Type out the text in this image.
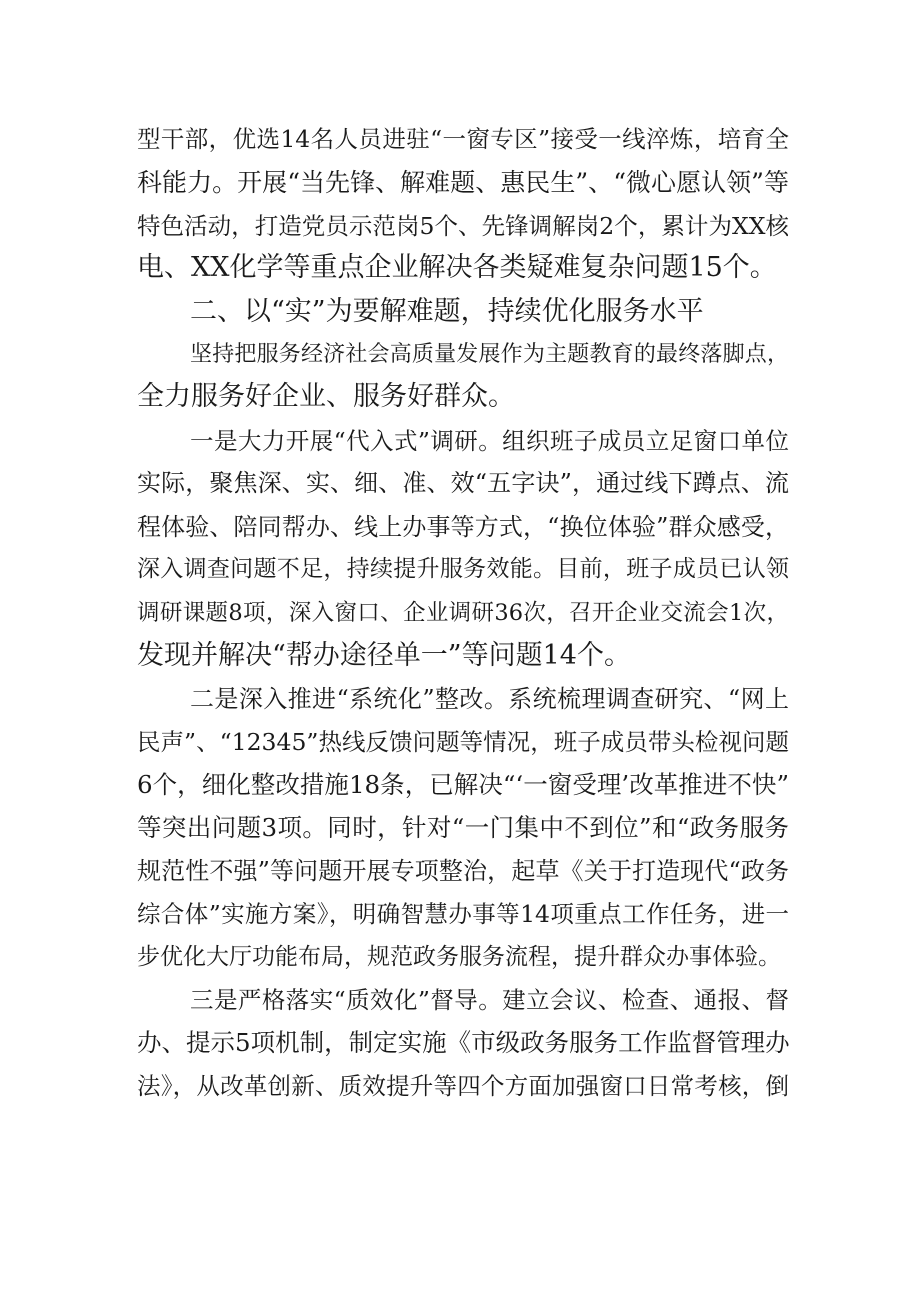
型干部，优选14名人员进驻“一窗专区”接受一线淬炼，培育全
科能力。开展“当先锋、解难题、惠民生”、“微心愿认领”等
特色活动，打造党员示范岗5个、先锋调解岗2个，累计为XX核
电、XX化学等重点企业解决各类疑难复杂问题15个。
二、以“实”为要解难题，持续优化服务水平
坚持把服务经济社会高质量发展作为主题教育的最终落脚点，
全力服务好企业、服务好群众。
一是大力开展“代入式”调研。组织班子成员立足窗口单位
实际，聚焦深、实、细、准、效“五字诀”，通过线下蹲点、流
程体验、陪同帮办、线上办事等方式，“换位体验”群众感受，
深入调查问题不足，持续提升服务效能。目前，班子成员已认领
调研课题8项，深入窗口、企业调研36次，召开企业交流会1次，
发现并解决“帮办途径单一”等问题14个。
二是深入推进“系统化”整改。系统梳理调查研究、“网上
民声”、“12345”热线反馈问题等情况，班子成员带头检视问题
6个，细化整改措施18条，已解决“‘一窗受理’改革推进不快”
等突出问题3项。同时，针对“一门集中不到位”和“政务服务
规范性不强”等问题开展专项整治，起草《关于打造现代“政务
综合体”实施方案》，明确智慧办事等14项重点工作任务，进一
步优化大厅功能布局，规范政务服务流程，提升群众办事体验。
三是严格落实“质效化”督导。建立会议、检查、通报、督
办、提示5项机制，制定实施《市级政务服务工作监督管理办
法》，从改革创新、质效提升等四个方面加强窗口日常考核，倒
